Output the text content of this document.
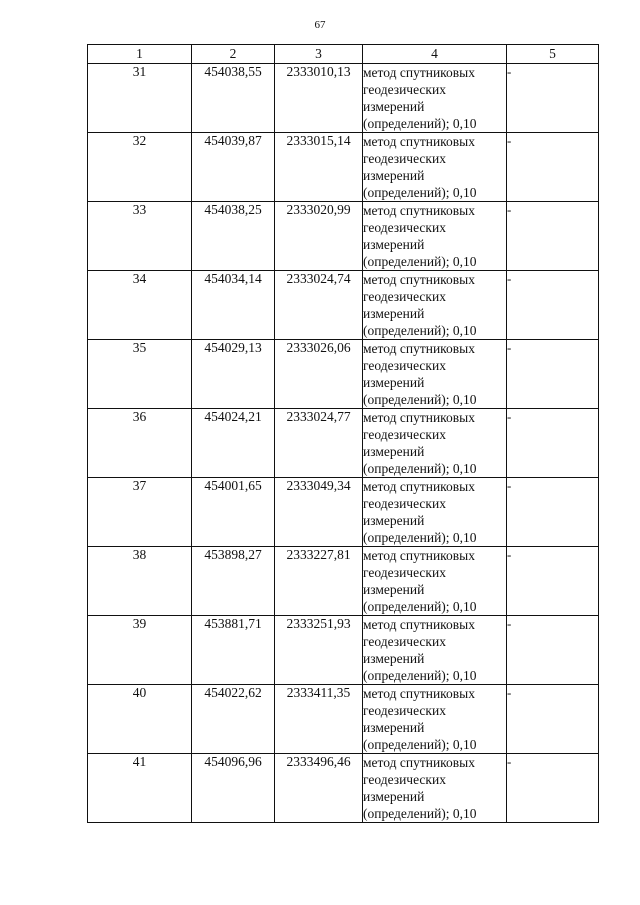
67
1	2	3	4	5
31	454038,55	2333010,13	метод спутниковых
геодезических
измерений
(определений); 0,10	-
32	454039,87	2333015,14	метод спутниковых
геодезических
измерений
(определений); 0,10	-
33	454038,25	2333020,99	метод спутниковых
геодезических
измерений
(определений); 0,10	-
34	454034,14	2333024,74	метод спутниковых
геодезических
измерений
(определений); 0,10	-
35	454029,13	2333026,06	метод спутниковых
геодезических
измерений
(определений); 0,10	-
36	454024,21	2333024,77	метод спутниковых
геодезических
измерений
(определений); 0,10	-
37	454001,65	2333049,34	метод спутниковых
геодезических
измерений
(определений); 0,10	-
38	453898,27	2333227,81	метод спутниковых
геодезических
измерений
(определений); 0,10	-
39	453881,71	2333251,93	метод спутниковых
геодезических
измерений
(определений); 0,10	-
40	454022,62	2333411,35	метод спутниковых
геодезических
измерений
(определений); 0,10	-
41	454096,96	2333496,46	метод спутниковых
геодезических
измерений
(определений); 0,10	-
